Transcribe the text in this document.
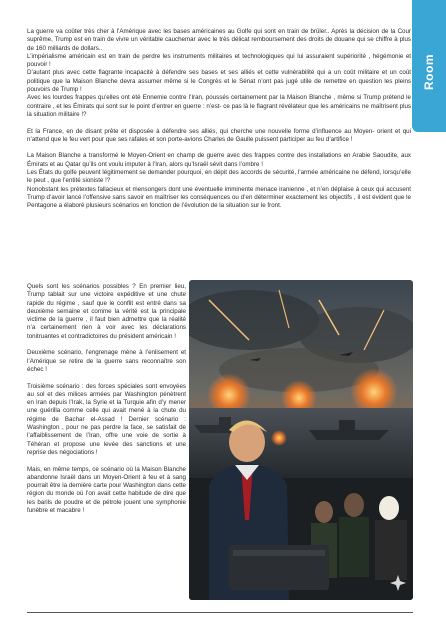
Room

La guerre va coûter très cher à l’Amérique avec les bases américaines au Golfe qui sont en train de brûler.. Après la décision de la Cour suprême, Trump est en train de vivre un véritable cauchemar avec le très délicat remboursement des droits de douane qui se chiffre à plus de 160 milliards de dollars..

L’impérialisme américain est en train de perdre les instruments militaires et technologiques qui lui assuraient supériorité , hégémonie et pouvoir !

D’autant plus avec cette flagrante incapacité à défendre ses bases et ses alliés et cette vulnérabilité qui a un coût militaire et un coût politique que la Maison Blanche devra assumer même si le Congrès et le Sénat n’ont pas jugé utile de remettre en question les pleins pouvoirs de Trump !

Avec les lourdes frappes qu’elles ont été Ennemie contre l’Iran, poussés certainement par la Maison Blanche , même si Trump prétend le contraire , et les Émirats qui sont sur le point d’entrer en guerre : n’est- ce pas là le flagrant révélateur que les américains ne maîtrisent plus la situation militaire !?

Et la France, en de disant prête et disposée à défendre ses alliés, qui cherche une nouvelle forme d’influence au Moyen- orient et qui n’attend que le feu vert pour que ses rafales et son porte-avions Charles de Gaulle puissent participer au feu d’artifice !

La Maison Blanche a transformé le Moyen-Orient en champ de guerre avec des frappes contre des installations en Arabie Saoudite, aux Émirats et au Qatar qu’ils ont voulu imputer à l’Iran, alors qu’Israël sévit dans l’ombre !

Les États du golfe peuvent légitimement se demander pourquoi, en dépit des accords de sécurité, l’armée américaine ne défend, lorsqu’elle le peut , que l’entité sioniste !?

Nonobstant les prétextes fallacieux et mensongers dont une éventuelle imminente menace iranienne , et n’en déplaise à ceux qui accusent Trump d’avoir lancé l’offensive sans savoir en maîtriser les conséquences ou d’en déterminer exactement les objectifs , il est évident que le Pentagone a élaboré plusieurs scénarios en fonction de l’évolution de la situation sur le front.

Quels sont les scénarios possibles ? En premier lieu, Trump tablait sur une victoire expéditive et une chute rapide du régime , sauf que le conflit est entré dans sa deuxième semaine et comme la vérité est la principale victime de la guerre , il faut bien admettre que la réalité n’a certainement rien à voir avec les déclarations tonitruantes et contradictoires du président américain !

Deuxième scénario, l’engrenage mène à l’enlisement et l’Amérique se retire de la guerre sans reconnaître son échec !

Troisième scénario : des forces spéciales sont envoyées au sol et des milices armées par Washington pénètrent en Iran depuis l’Irak, la Syrie et la Turquie afin d’y mener une guérilla comme celle qui avait mené à la chute du régime de Bachar el-Assad ! Dernier scénario : Washington , pour ne pas perdre la face, se satisfait de l’affaiblissement de l’Iran, offre une voie de sortie à Téhéran et propose une levée des sanctions et une reprise des négociations !

Mais, en même temps, ce scénario où la Maison Blanche abandonne Israël dans un Moyen-Orient à feu et à sang pourrait être la dernière carte pour Washington dans cette région du monde où l’on avait cette habitude de dire que les barils de poudre et de pétrole jouent une symphonie funèbre et macabre !
